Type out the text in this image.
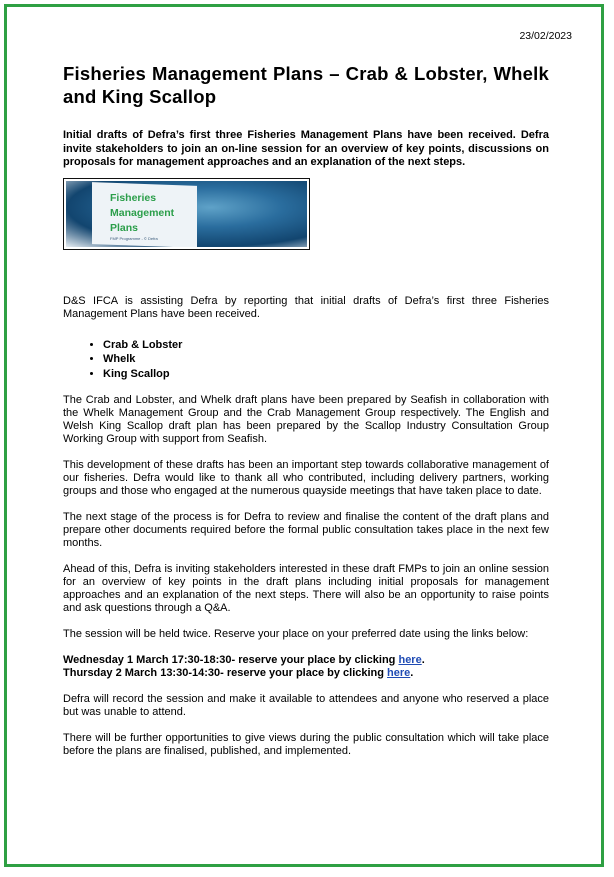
23/02/2023
Fisheries Management Plans – Crab & Lobster, Whelk and King Scallop
Initial drafts of Defra’s first three Fisheries Management Plans have been received. Defra invite stakeholders to join an on-line session for an overview of key points, discussions on proposals for management approaches and an explanation of the next steps.
Fisheries
Management
Plans
FMP Programme - © Defra

D&S IFCA is assisting Defra by reporting that initial drafts of Defra’s first three Fisheries Management Plans have been received.

• Crab & Lobster
• Whelk
• King Scallop

The Crab and Lobster, and Whelk draft plans have been prepared by Seafish in collaboration with the Whelk Management Group and the Crab Management Group respectively. The English and Welsh King Scallop draft plan has been prepared by the Scallop Industry Consultation Group Working Group with support from Seafish.

This development of these drafts has been an important step towards collaborative management of our fisheries. Defra would like to thank all who contributed, including delivery partners, working groups and those who engaged at the numerous quayside meetings that have taken place to date.

The next stage of the process is for Defra to review and finalise the content of the draft plans and prepare other documents required before the formal public consultation takes place in the next few months.

Ahead of this, Defra is inviting stakeholders interested in these draft FMPs to join an online session for an overview of key points in the draft plans including initial proposals for management approaches and an explanation of the next steps. There will also be an opportunity to raise points and ask questions through a Q&A.

The session will be held twice. Reserve your place on your preferred date using the links below:

Wednesday 1 March 17:30-18:30- reserve your place by clicking here.

Thursday 2 March 13:30-14:30- reserve your place by clicking here.

Defra will record the session and make it available to attendees and anyone who reserved a place but was unable to attend.

There will be further opportunities to give views during the public consultation which will take place before the plans are finalised, published, and implemented.
